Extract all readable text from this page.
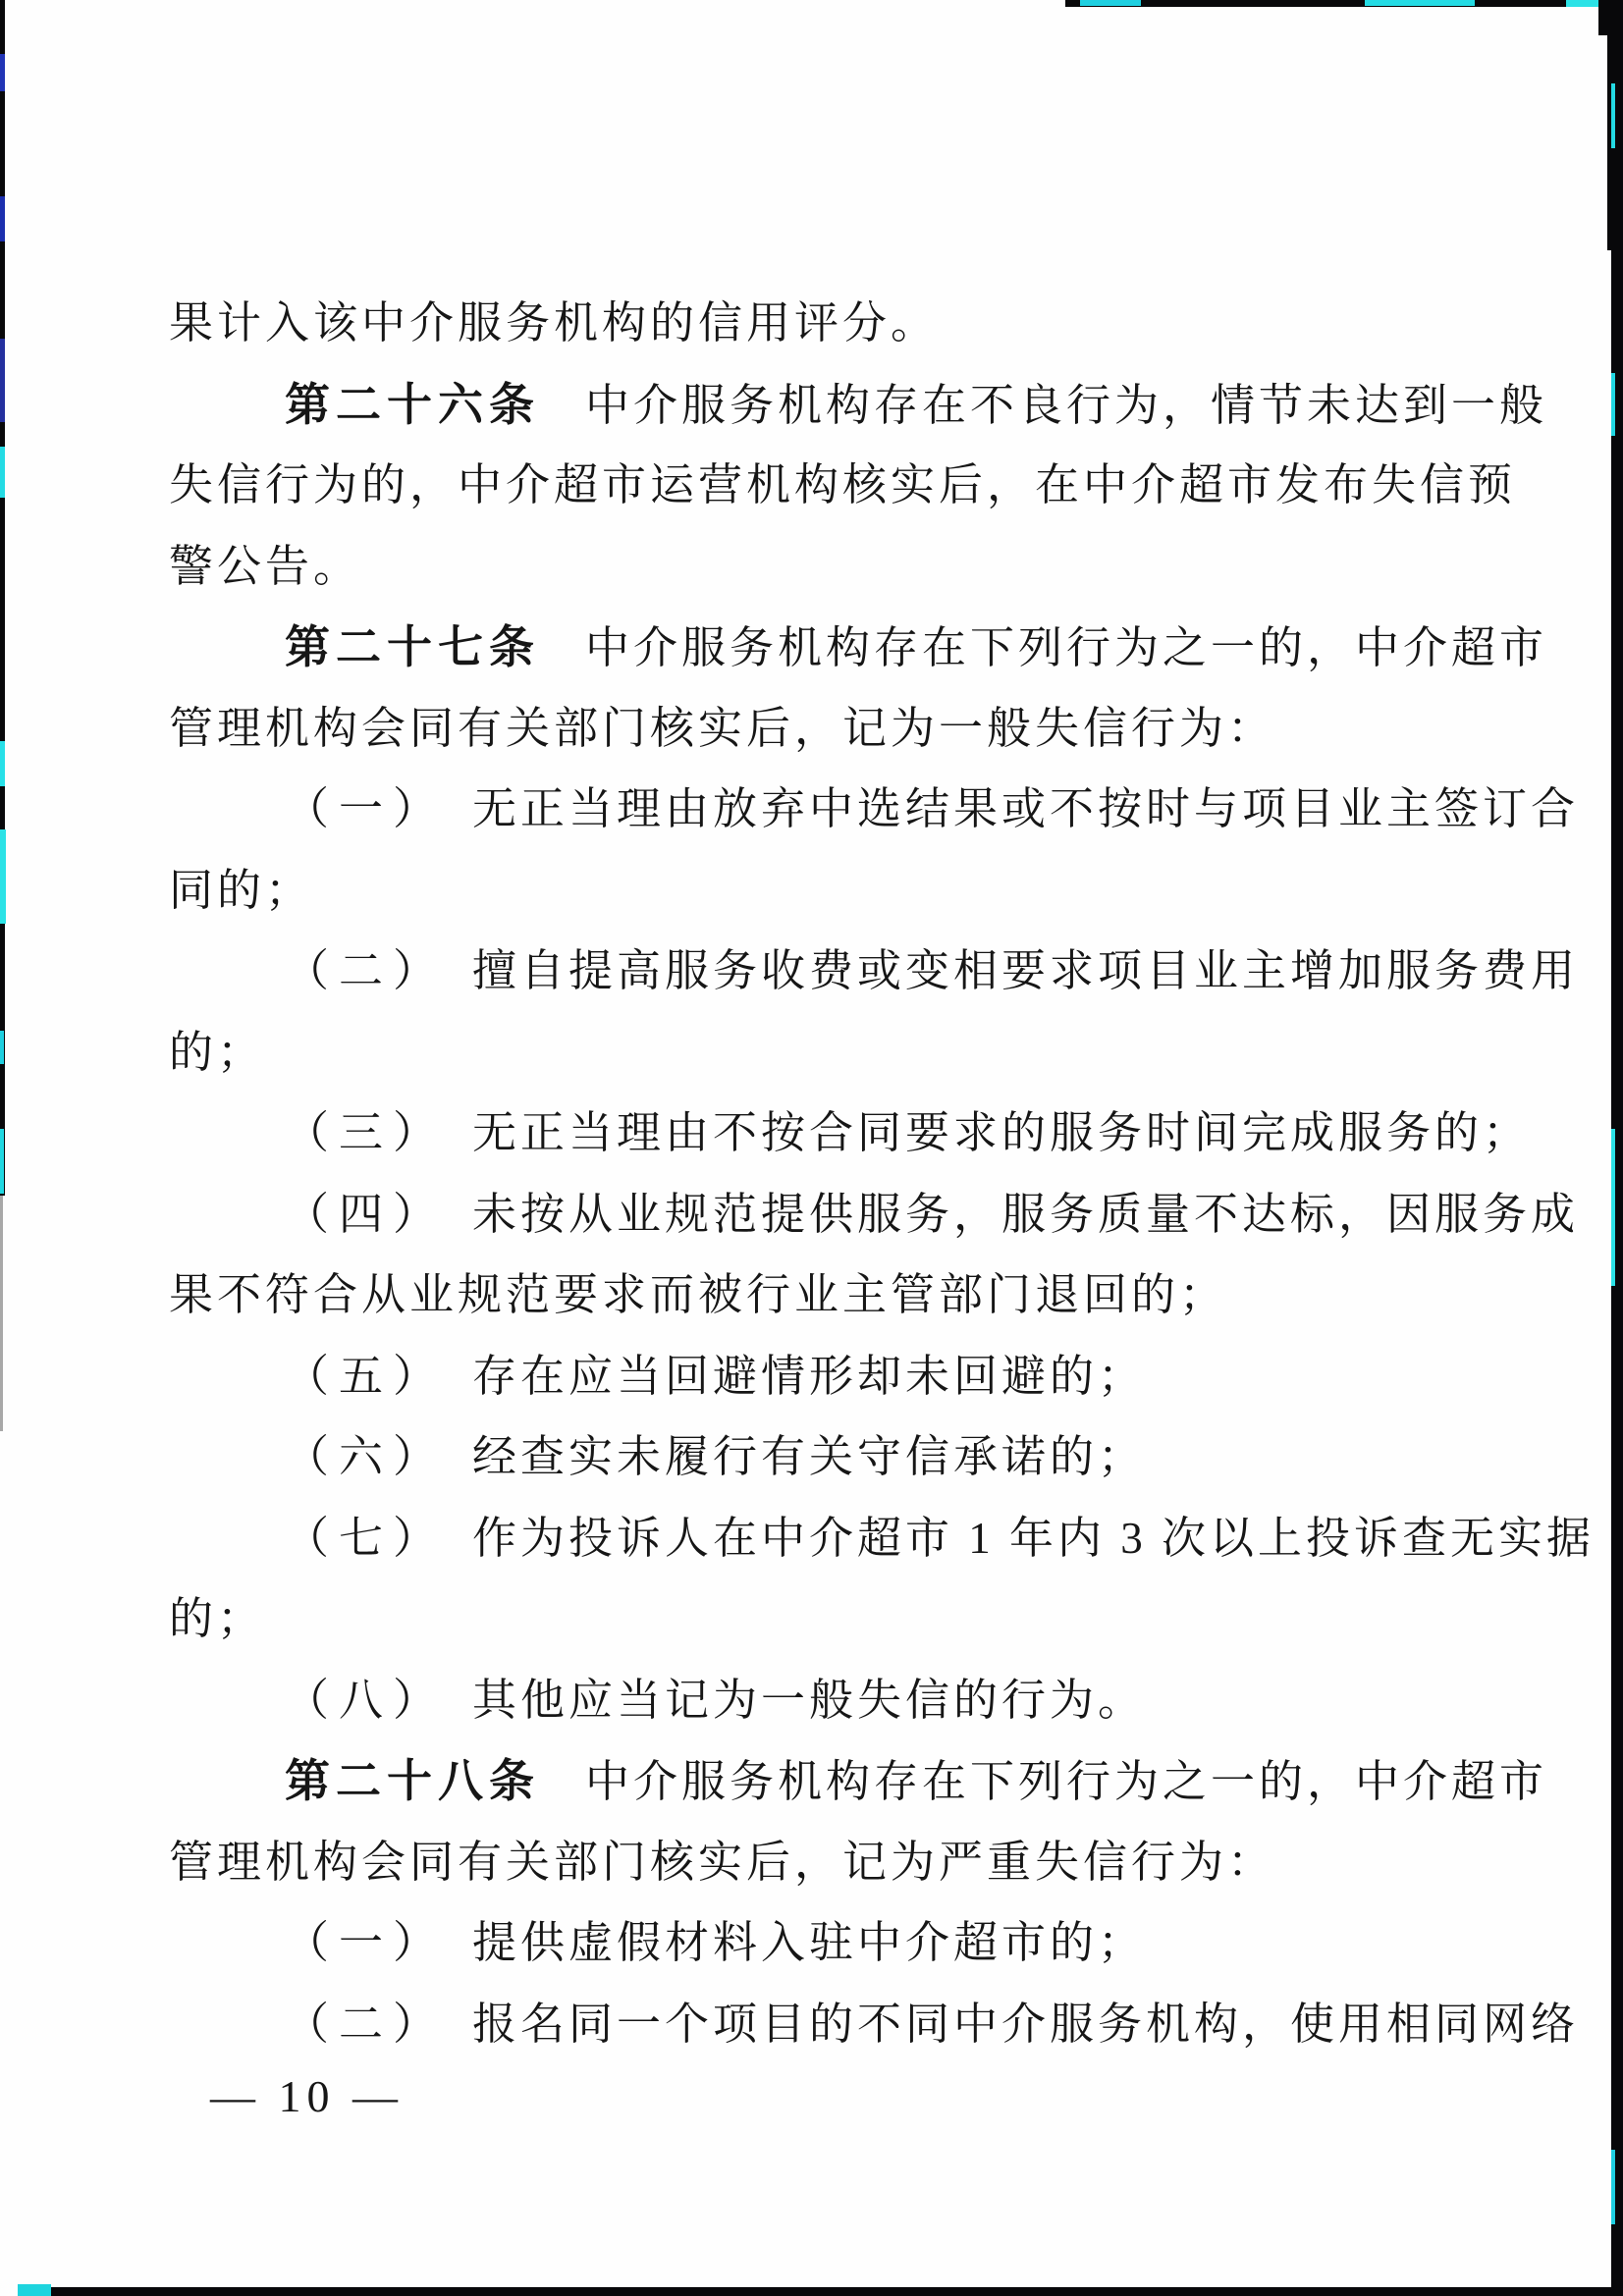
果计入该中介服务机构的信用评分。
第二十六条 中介服务机构存在不良行为，情节未达到一般
失信行为的，中介超市运营机构核实后，在中介超市发布失信预
警公告。
第二十七条 中介服务机构存在下列行为之一的，中介超市
管理机构会同有关部门核实后，记为一般失信行为：
（一） 无正当理由放弃中选结果或不按时与项目业主签订合
同的；
（二） 擅自提高服务收费或变相要求项目业主增加服务费用
的；
（三） 无正当理由不按合同要求的服务时间完成服务的；
（四） 未按从业规范提供服务，服务质量不达标，因服务成
果不符合从业规范要求而被行业主管部门退回的；
（五） 存在应当回避情形却未回避的；
（六） 经查实未履行有关守信承诺的；
（七） 作为投诉人在中介超市 1 年内 3 次以上投诉查无实据
的；
（八） 其他应当记为一般失信的行为。
第二十八条 中介服务机构存在下列行为之一的，中介超市
管理机构会同有关部门核实后，记为严重失信行为：
（一） 提供虚假材料入驻中介超市的；
（二） 报名同一个项目的不同中介服务机构，使用相同网络
— 10 —
